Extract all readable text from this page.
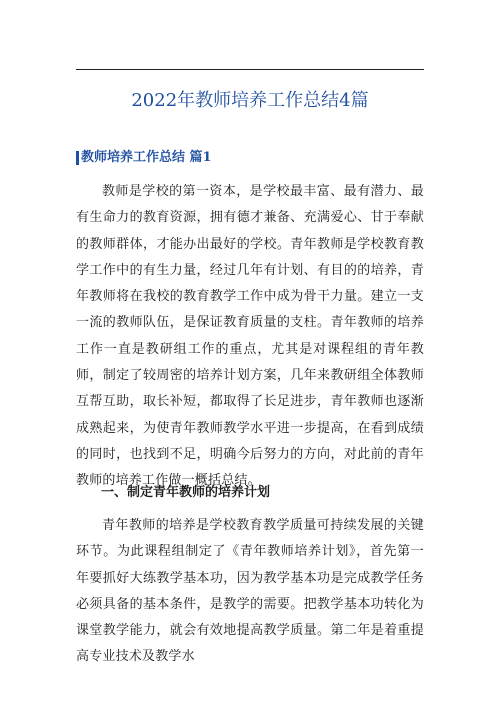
2022年教师培养工作总结4篇
教师培养工作总结 篇1

教师是学校的第一资本，是学校最丰富、最有潜力、最有生命力的教育资源，拥有德才兼备、充满爱心、甘于奉献的教师群体，才能办出最好的学校。青年教师是学校教育教学工作中的有生力量，经过几年有计划、有目的的培养，青年教师将在我校的教育教学工作中成为骨干力量。建立一支一流的教师队伍，是保证教育质量的支柱。青年教师的培养工作一直是教研组工作的重点，尤其是对课程组的青年教师，制定了较周密的培养计划方案，几年来教研组全体教师互帮互助，取长补短，都取得了长足进步，青年教师也逐渐成熟起来，为使青年教师教学水平进一步提高，在看到成绩的同时，也找到不足，明确今后努力的方向，对此前的青年教师的培养工作做一概括总结。

一、制定青年教师的培养计划

青年教师的培养是学校教育教学质量可持续发展的关键环节。为此课程组制定了《青年教师培养计划》，首先第一年要抓好大练教学基本功，因为教学基本功是完成教学任务必须具备的基本条件，是教学的需要。把教学基本功转化为课堂教学能力，就会有效地提高教学质量。第二年是着重提高专业技术及教学水
